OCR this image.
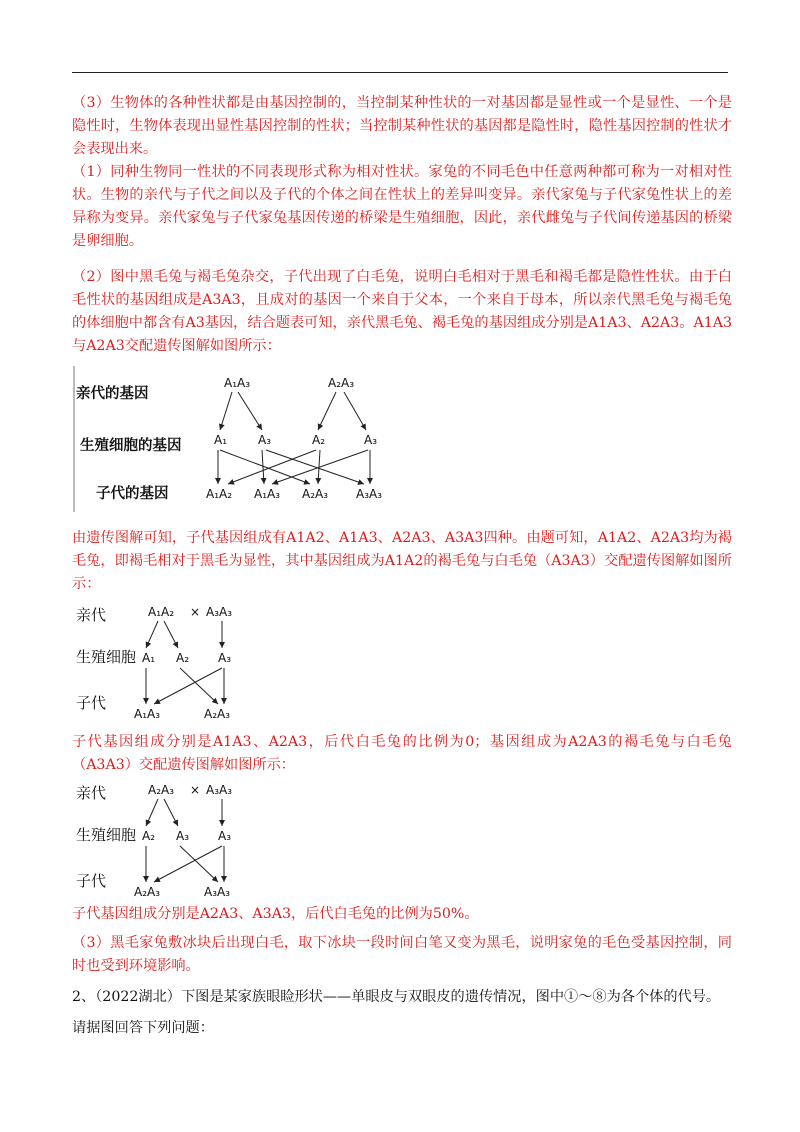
（3）生物体的各种性状都是由基因控制的，当控制某种性状的一对基因都是显性或一个是显性、一个是隐性时，生物体表现出显性基因控制的性状；当控制某种性状的基因都是隐性时，隐性基因控制的性状才会表现出来。

（1）同种生物同一性状的不同表现形式称为相对性状。家兔的不同毛色中任意两种都可称为一对相对性状。生物的亲代与子代之间以及子代的个体之间在性状上的差异叫变异。亲代家兔与子代家兔性状上的差异称为变异。亲代家兔与子代家兔基因传递的桥梁是生殖细胞，因此，亲代雌兔与子代间传递基因的桥梁是卵细胞。

（2）图中黑毛兔与褐毛兔杂交，子代出现了白毛兔，说明白毛相对于黑毛和褐毛都是隐性性状。由于白毛性状的基因组成是A3A3，且成对的基因一个来自于父本，一个来自于母本，所以亲代黑毛兔与褐毛兔的体细胞中都含有A3基因，结合题表可知，亲代黑毛兔、褐毛兔的基因组成分别是A1A3、A2A3。A1A3与A2A3交配遗传图解如图所示：

亲代的基因
生殖细胞的基因
子代的基因
A₁A₃	A₂A₃
A₁	A₃	A₂	A₃
A₁A₂ A₁A₃ A₂A₃ A₃A₃

由遗传图解可知，子代基因组成有A1A2、A1A3、A2A3、A3A3四种。由题可知，A1A2、A2A3均为褐毛兔，即褐毛相对于黑毛为显性，其中基因组成为A1A2的褐毛兔与白毛兔（A3A3）交配遗传图解如图所示：

亲代
生殖细胞
子代
A₁A₂ × A₃A₃
A₁ A₂ A₃
A₁A₃	A₂A₃

子代基因组成分别是A1A3、A2A3，后代白毛兔的比例为0；基因组成为A2A3的褐毛兔与白毛兔（A3A3）交配遗传图解如图所示：

亲代
生殖细胞
子代
A₂A₃ × A₃A₃
A₂ A₃ A₃
A₂A₃	A₃A₃

子代基因组成分别是A2A3、A3A3，后代白毛兔的比例为50%。

（3）黑毛家兔敷冰块后出现白毛，取下冰块一段时间白笔又变为黑毛，说明家兔的毛色受基因控制，同时也受到环境影响。

2、（2022湖北）下图是某家族眼睑形状——单眼皮与双眼皮的遗传情况，图中①～⑧为各个体的代号。

请据图回答下列问题：
